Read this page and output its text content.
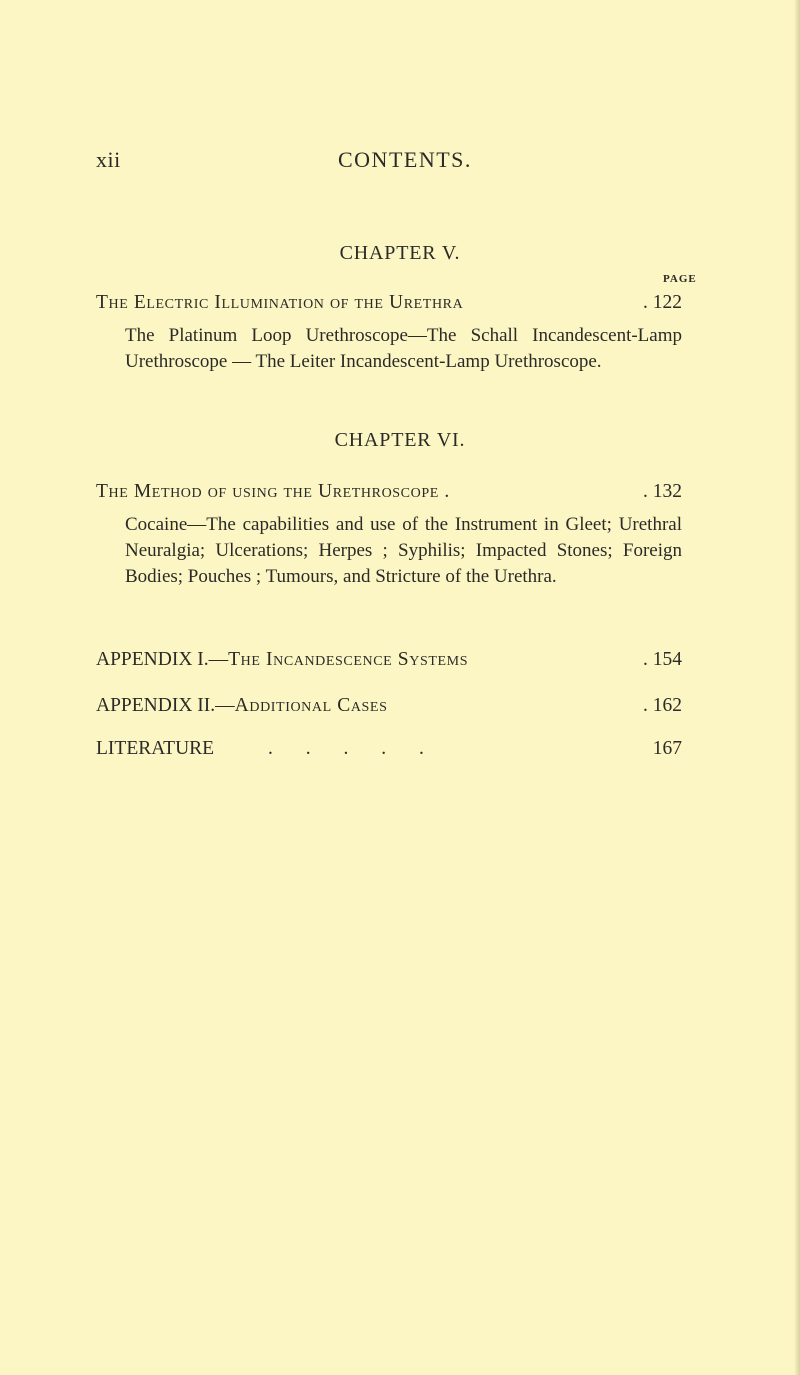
xii	CONTENTS.
CHAPTER V.
PAGE
The Electric Illumination of the Urethra	. 122
The Platinum Loop Urethroscope—The Schall Incandescent-Lamp Urethroscope — The Leiter Incandescent-Lamp Urethroscope.
CHAPTER VI.
The Method of using the Urethroscope .	. 132
Cocaine—The capabilities and use of the Instrument in Gleet; Urethral Neuralgia; Ulcerations; Herpes ; Syphilis; Impacted Stones; Foreign Bodies; Pouches ; Tumours, and Stricture of the Urethra.
APPENDIX I.—The Incandescence Systems	. 154
APPENDIX II.—Additional Cases	. 162
LITERATURE	. . . . .	167
